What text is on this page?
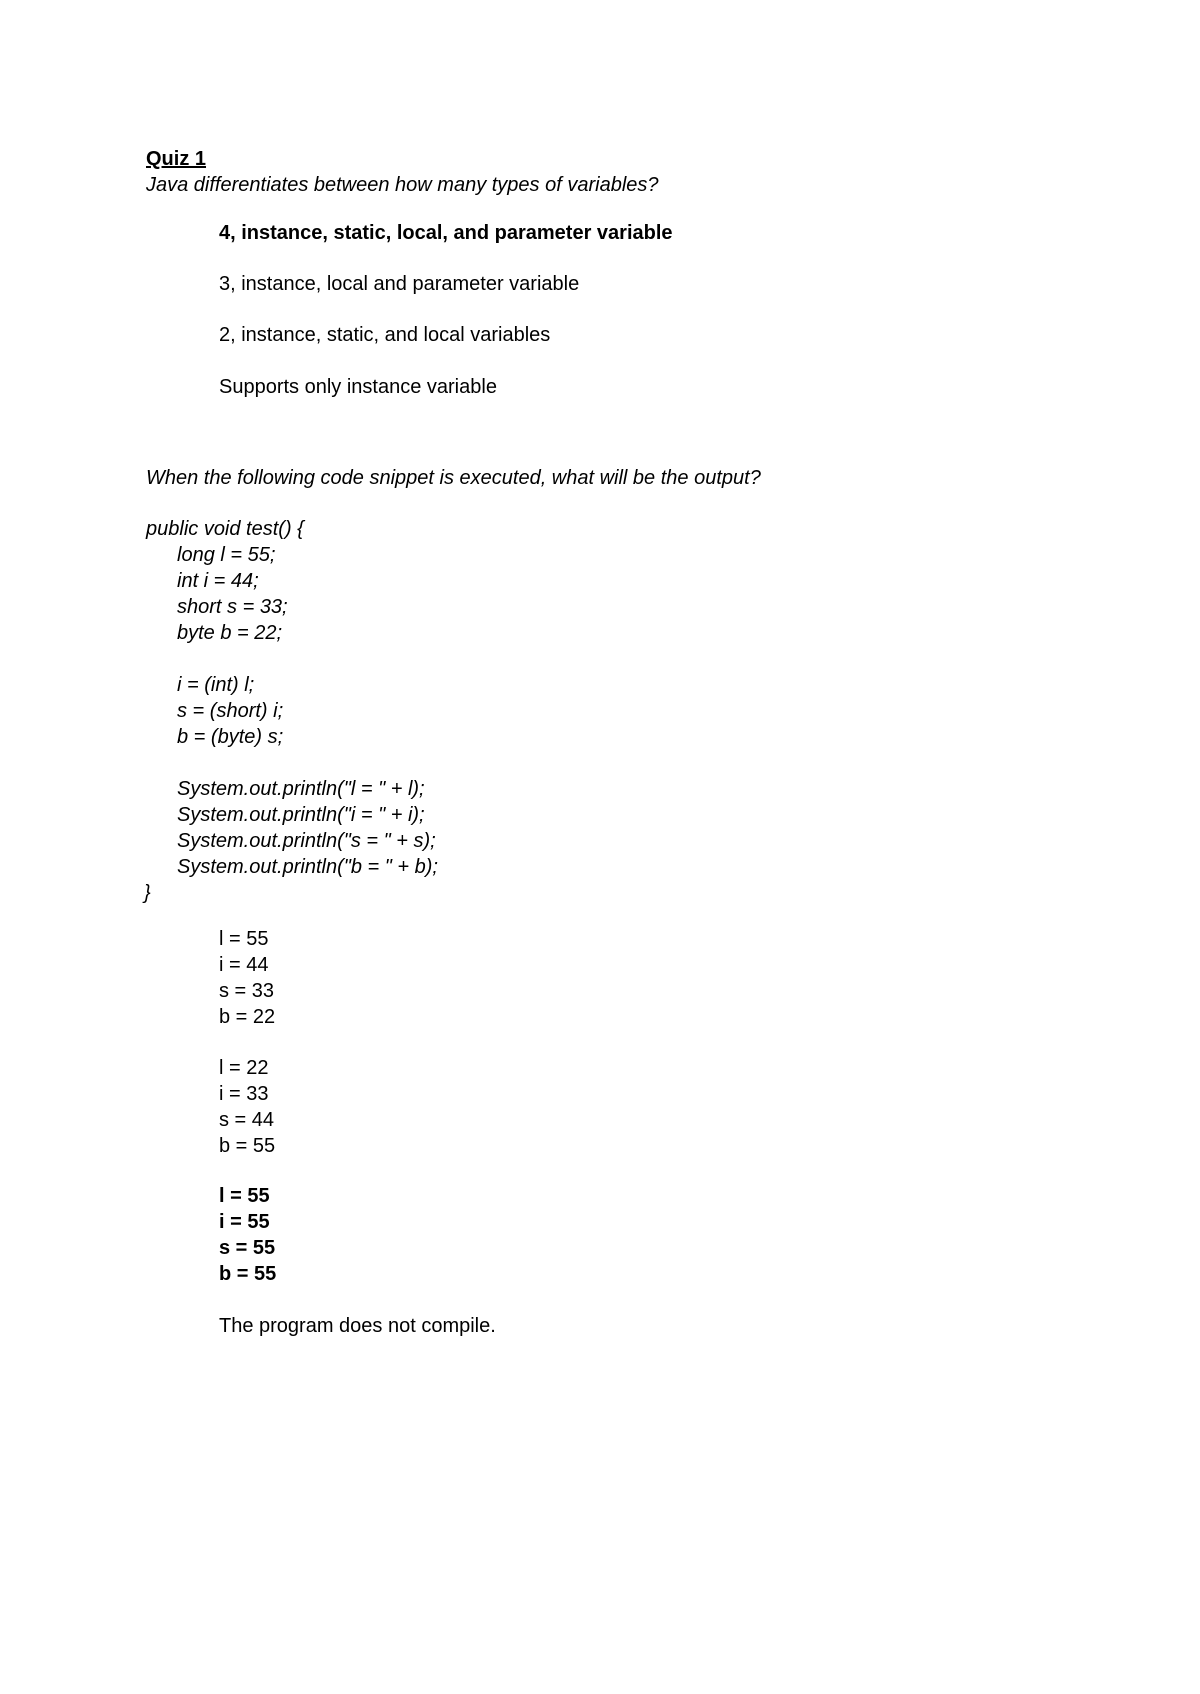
Quiz 1
Java differentiates between how many types of variables?
4, instance, static, local, and parameter variable
3, instance, local and parameter variable
2, instance, static, and local variables
Supports only instance variable
When the following code snippet is executed, what will be the output?
public void test() {
long l = 55;
int i = 44;
short s = 33;
byte b = 22;
i = (int) l;
s = (short) i;
b = (byte) s;
System.out.println("l = " + l);
System.out.println("i = " + i);
System.out.println("s = " + s);
System.out.println("b = " + b);
}
l = 55
i = 44
s = 33
b = 22
l = 22
i = 33
s = 44
b = 55
l = 55
i = 55
s = 55
b = 55
The program does not compile.
